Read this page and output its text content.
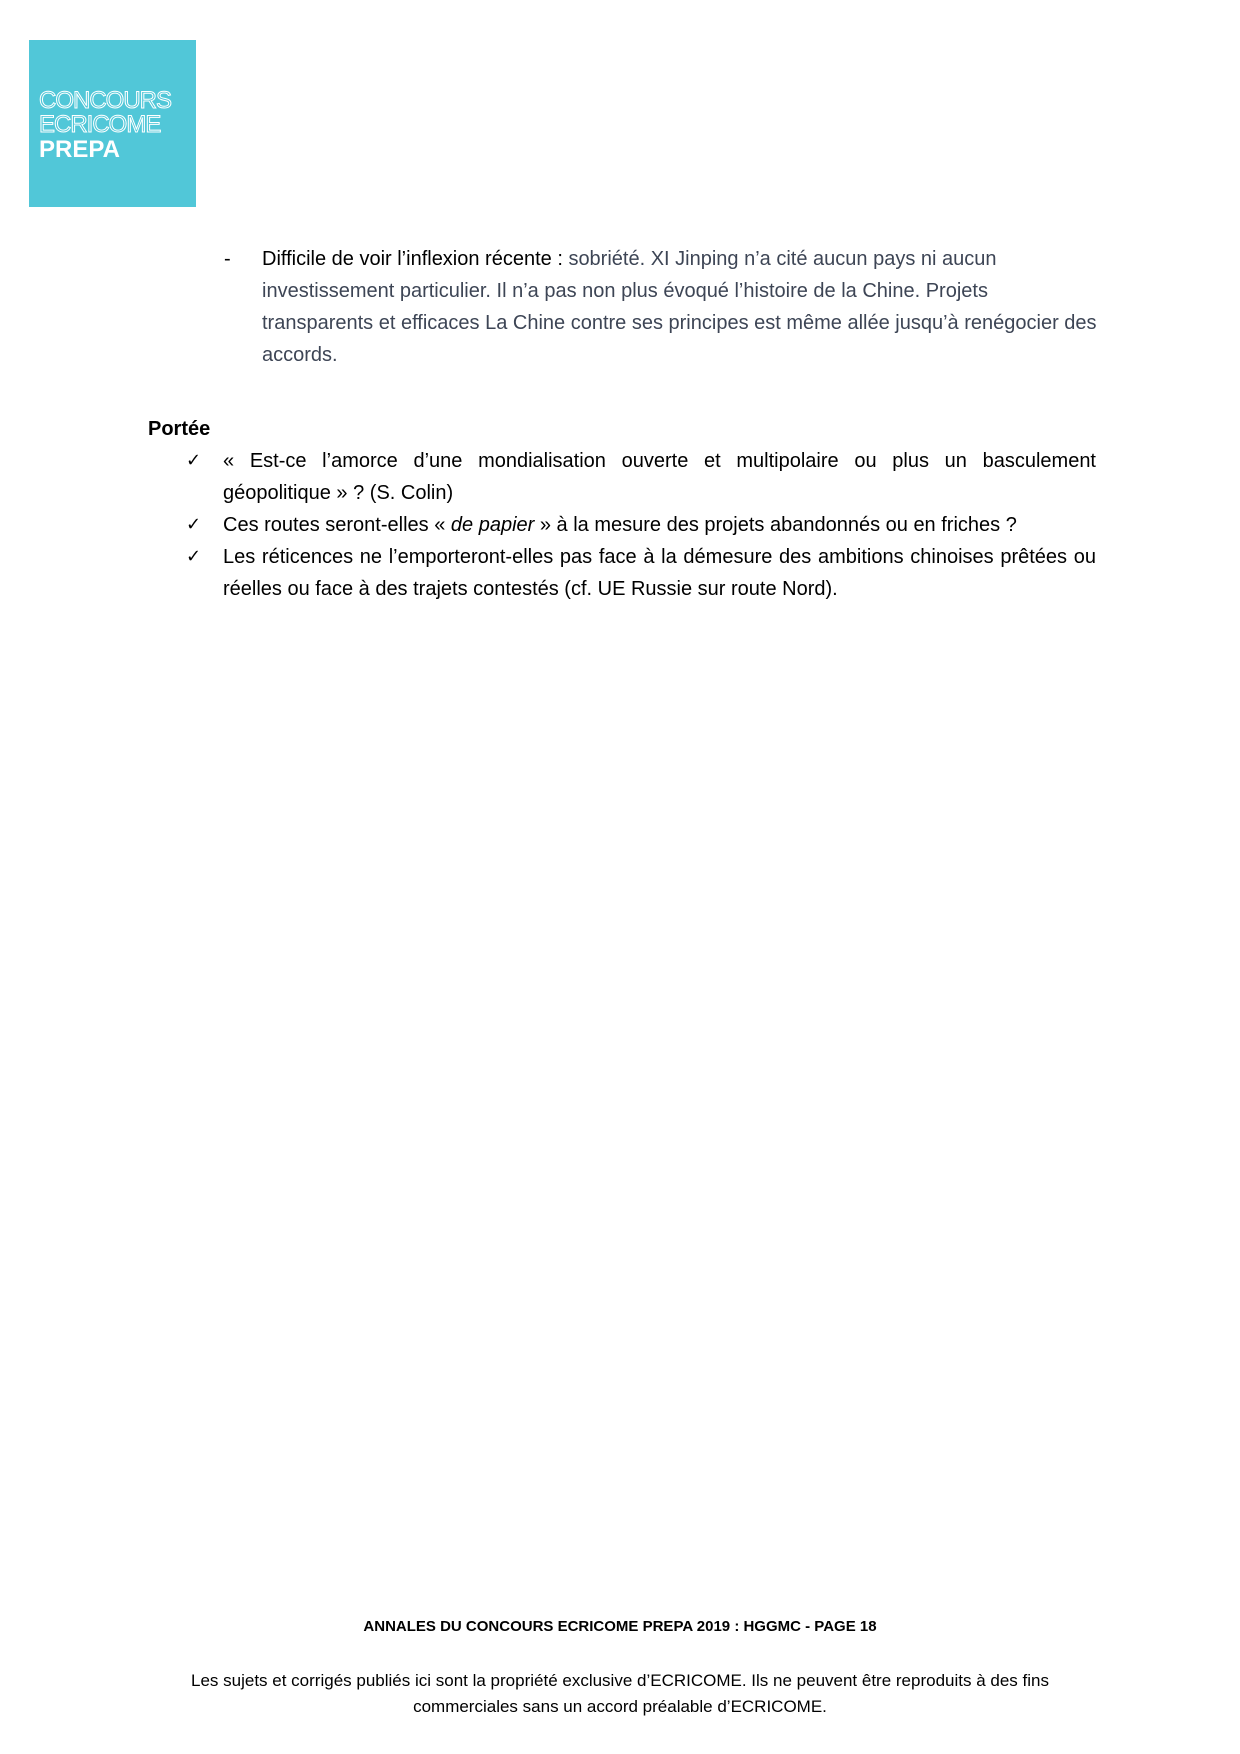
CONCOURS
ECRICOME
PREPA
- Difficile de voir l’inflexion récente : sobriété. XI Jinping n’a cité aucun pays ni aucun investissement particulier. Il n’a pas non plus évoqué l’histoire de la Chine. Projets transparents et efficaces La Chine contre ses principes est même allée jusqu’à renégocier des accords.
Portée
✓ « Est-ce l’amorce d’une mondialisation ouverte et multipolaire ou plus un basculement géopolitique » ? (S. Colin)
✓ Ces routes seront-elles « de papier » à la mesure des projets abandonnés ou en friches ?
✓ Les réticences ne l’emporteront-elles pas face à la démesure des ambitions chinoises prêtées ou réelles ou face à des trajets contestés (cf. UE Russie sur route Nord).
ANNALES DU CONCOURS ECRICOME PREPA 2019 : HGGMC - PAGE 18
Les sujets et corrigés publiés ici sont la propriété exclusive d’ECRICOME. Ils ne peuvent être reproduits à des fins commerciales sans un accord préalable d’ECRICOME.
